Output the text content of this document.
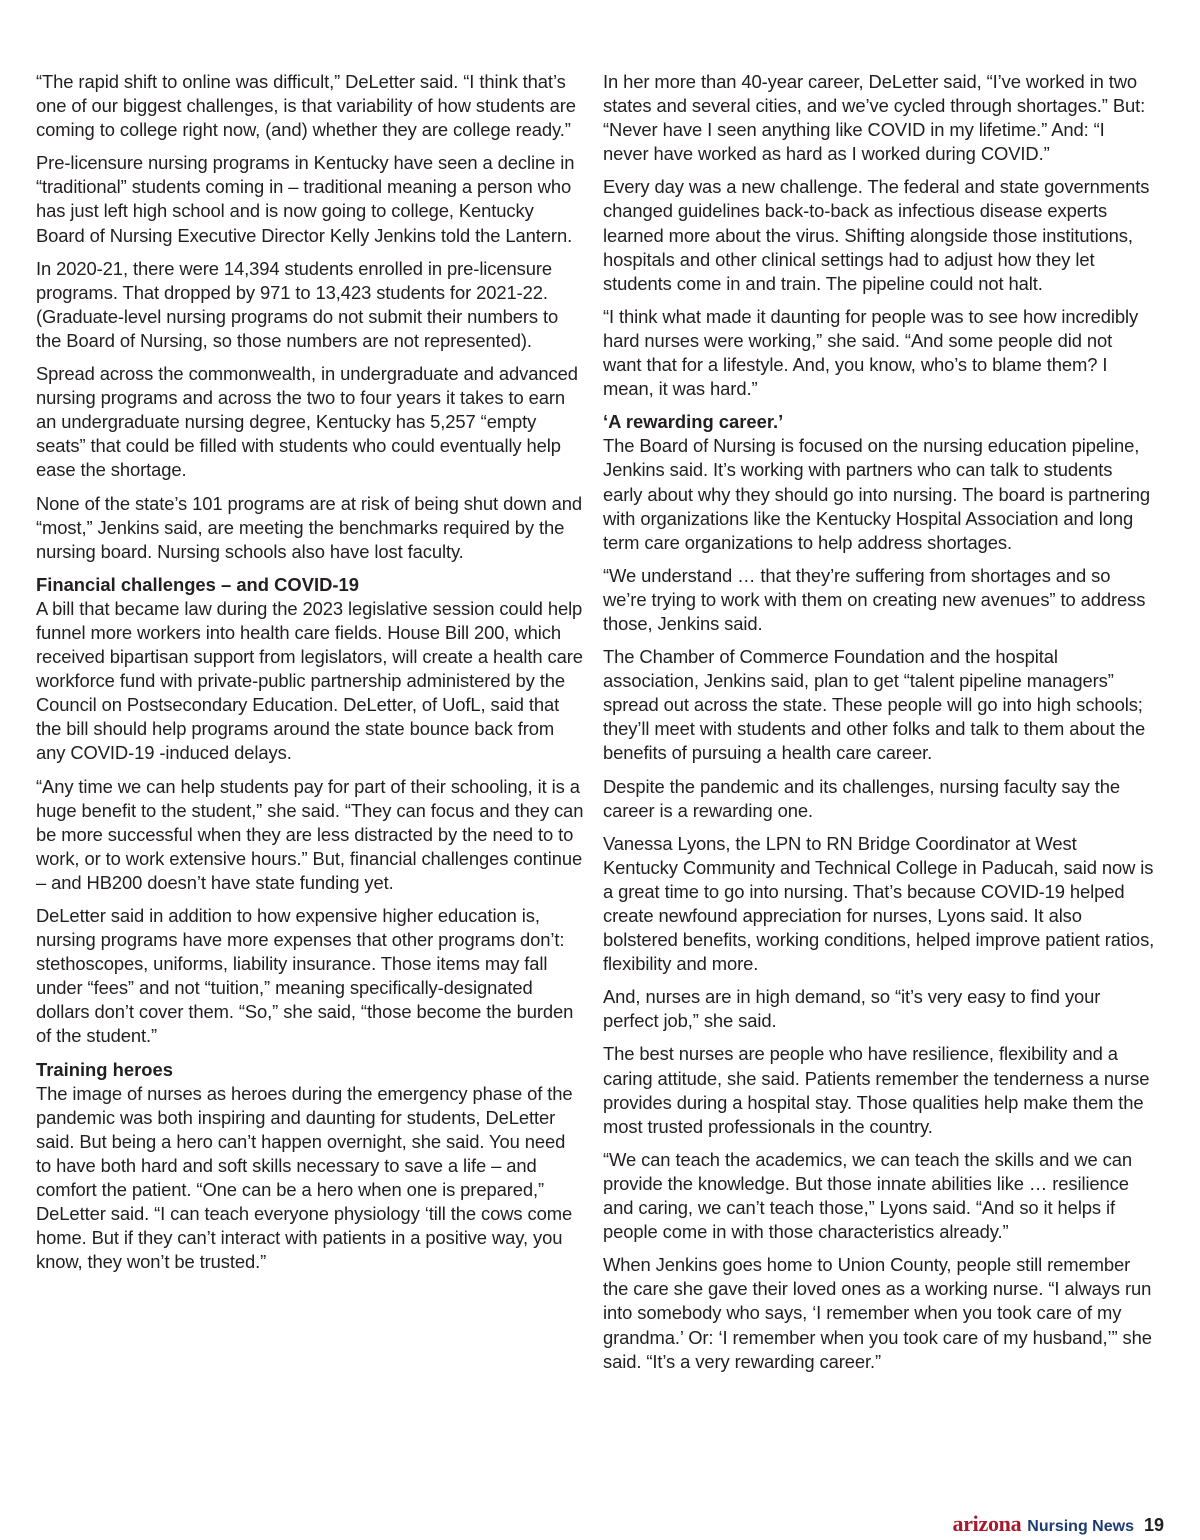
“The rapid shift to online was difficult,” DeLetter said. “I think that’s one of our biggest challenges, is that variability of how students are coming to college right now, (and) whether they are college ready.”

Pre-licensure nursing programs in Kentucky have seen a decline in “traditional” students coming in – traditional meaning a person who has just left high school and is now going to college, Kentucky Board of Nursing Executive Director Kelly Jenkins told the Lantern.

In 2020-21, there were 14,394 students enrolled in pre-licensure programs. That dropped by 971 to 13,423 students for 2021-22. (Graduate-level nursing programs do not submit their numbers to the Board of Nursing, so those numbers are not represented).

Spread across the commonwealth, in undergraduate and advanced nursing programs and across the two to four years it takes to earn an undergraduate nursing degree, Kentucky has 5,257 “empty seats” that could be filled with students who could eventually help ease the shortage.

None of the state’s 101 programs are at risk of being shut down and “most,” Jenkins said, are meeting the benchmarks required by the nursing board. Nursing schools also have lost faculty.

Financial challenges – and COVID-19

A bill that became law during the 2023 legislative session could help funnel more workers into health care fields. House Bill 200, which received bipartisan support from legislators, will create a health care workforce fund with private-public partnership administered by the Council on Postsecondary Education. DeLetter, of UofL, said that the bill should help programs around the state bounce back from any COVID-19 -induced delays.

“Any time we can help students pay for part of their schooling, it is a huge benefit to the student,” she said. “They can focus and they can be more successful when they are less distracted by the need to to work, or to work extensive hours.” But, financial challenges continue – and HB200 doesn’t have state funding yet.

DeLetter said in addition to how expensive higher education is, nursing programs have more expenses that other programs don’t: stethoscopes, uniforms, liability insurance. Those items may fall under “fees” and not “tuition,” meaning specifically-designated dollars don’t cover them. “So,” she said, “those become the burden of the student.”

Training heroes

The image of nurses as heroes during the emergency phase of the pandemic was both inspiring and daunting for students, DeLetter said. But being a hero can’t happen overnight, she said. You need to have both hard and soft skills necessary to save a life – and comfort the patient. “One can be a hero when one is prepared,” DeLetter said. “I can teach everyone physiology ‘till the cows come home. But if they can’t interact with patients in a positive way, you know, they won’t be trusted.”

In her more than 40-year career, DeLetter said, “I’ve worked in two states and several cities, and we’ve cycled through shortages.” But: “Never have I seen anything like COVID in my lifetime.” And: “I never have worked as hard as I worked during COVID.”

Every day was a new challenge. The federal and state governments changed guidelines back-to-back as infectious disease experts learned more about the virus. Shifting alongside those institutions, hospitals and other clinical settings had to adjust how they let students come in and train. The pipeline could not halt.

“I think what made it daunting for people was to see how incredibly hard nurses were working,” she said. “And some people did not want that for a lifestyle. And, you know, who’s to blame them? I mean, it was hard.”

‘A rewarding career.’

The Board of Nursing is focused on the nursing education pipeline, Jenkins said. It’s working with partners who can talk to students early about why they should go into nursing. The board is partnering with organizations like the Kentucky Hospital Association and long term care organizations to help address shortages.

“We understand … that they’re suffering from shortages and so we’re trying to work with them on creating new avenues” to address those, Jenkins said.

The Chamber of Commerce Foundation and the hospital association, Jenkins said, plan to get “talent pipeline managers” spread out across the state. These people will go into high schools; they’ll meet with students and other folks and talk to them about the benefits of pursuing a health care career.

Despite the pandemic and its challenges, nursing faculty say the career is a rewarding one.

Vanessa Lyons, the LPN to RN Bridge Coordinator at West Kentucky Community and Technical College in Paducah, said now is a great time to go into nursing. That’s because COVID-19 helped create newfound appreciation for nurses, Lyons said. It also bolstered benefits, working conditions, helped improve patient ratios, flexibility and more.

And, nurses are in high demand, so “it’s very easy to find your perfect job,” she said.

The best nurses are people who have resilience, flexibility and a caring attitude, she said. Patients remember the tenderness a nurse provides during a hospital stay. Those qualities help make them the most trusted professionals in the country.

“We can teach the academics, we can teach the skills and we can provide the knowledge. But those innate abilities like … resilience and caring, we can’t teach those,” Lyons said. “And so it helps if people come in with those characteristics already.”

When Jenkins goes home to Union County, people still remember the care she gave their loved ones as a working nurse. “I always run into somebody who says, ‘I remember when you took care of my grandma.’ Or: ‘I remember when you took care of my husband,’” she said. “It’s a very rewarding career.”

arizona Nursing News 19
